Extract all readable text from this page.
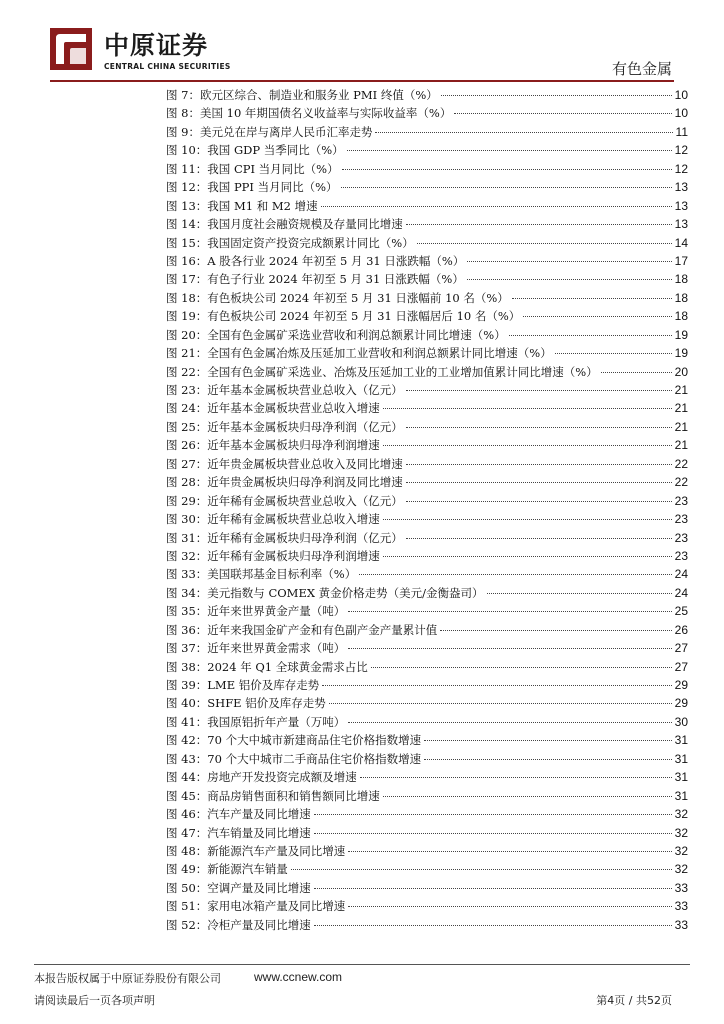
中原证券
CENTRAL CHINA SECURITIES	有色金属
图 7：欧元区综合、制造业和服务业 PMI 终值（%）	10
图 8：美国 10 年期国债名义收益率与实际收益率（%）	10
图 9：美元兑在岸与离岸人民币汇率走势	11
图 10：我国 GDP 当季同比（%）	12
图 11：我国 CPI 当月同比（%）	12
图 12：我国 PPI 当月同比（%）	13
图 13：我国 M1 和 M2 增速	13
图 14：我国月度社会融资规模及存量同比增速	13
图 15：我国固定资产投资完成额累计同比（%）	14
图 16：A 股各行业 2024 年初至 5 月 31 日涨跌幅（%）	17
图 17：有色子行业 2024 年初至 5 月 31 日涨跌幅（%）	18
图 18：有色板块公司 2024 年初至 5 月 31 日涨幅前 10 名（%）	18
图 19：有色板块公司 2024 年初至 5 月 31 日涨幅居后 10 名（%）	18
图 20：全国有色金属矿采选业营收和利润总额累计同比增速（%）	19
图 21：全国有色金属冶炼及压延加工业营收和利润总额累计同比增速（%）	19
图 22：全国有色金属矿采选业、冶炼及压延加工业的工业增加值累计同比增速（%）	20
图 23：近年基本金属板块营业总收入（亿元）	21
图 24：近年基本金属板块营业总收入增速	21
图 25：近年基本金属板块归母净利润（亿元）	21
图 26：近年基本金属板块归母净利润增速	21
图 27：近年贵金属板块营业总收入及同比增速	22
图 28：近年贵金属板块归母净利润及同比增速	22
图 29：近年稀有金属板块营业总收入（亿元）	23
图 30：近年稀有金属板块营业总收入增速	23
图 31：近年稀有金属板块归母净利润（亿元）	23
图 32：近年稀有金属板块归母净利润增速	23
图 33：美国联邦基金目标利率（%）	24
图 34：美元指数与 COMEX 黄金价格走势（美元/金衡盎司）	24
图 35：近年来世界黄金产量（吨）	25
图 36：近年来我国金矿产金和有色副产金产量累计值	26
图 37：近年来世界黄金需求（吨）	27
图 38：2024 年 Q1 全球黄金需求占比	27
图 39：LME 铝价及库存走势	29
图 40：SHFE 铝价及库存走势	29
图 41：我国原铝折年产量（万吨）	30
图 42：70 个大中城市新建商品住宅价格指数增速	31
图 43：70 个大中城市二手商品住宅价格指数增速	31
图 44：房地产开发投资完成额及增速	31
图 45：商品房销售面积和销售额同比增速	31
图 46：汽车产量及同比增速	32
图 47：汽车销量及同比增速	32
图 48：新能源汽车产量及同比增速	32
图 49：新能源汽车销量	32
图 50：空调产量及同比增速	33
图 51：家用电冰箱产量及同比增速	33
图 52：冷柜产量及同比增速	33
本报告版权属于中原证券股份有限公司	www.ccnew.com
请阅读最后一页各项声明	第4页 / 共52页
